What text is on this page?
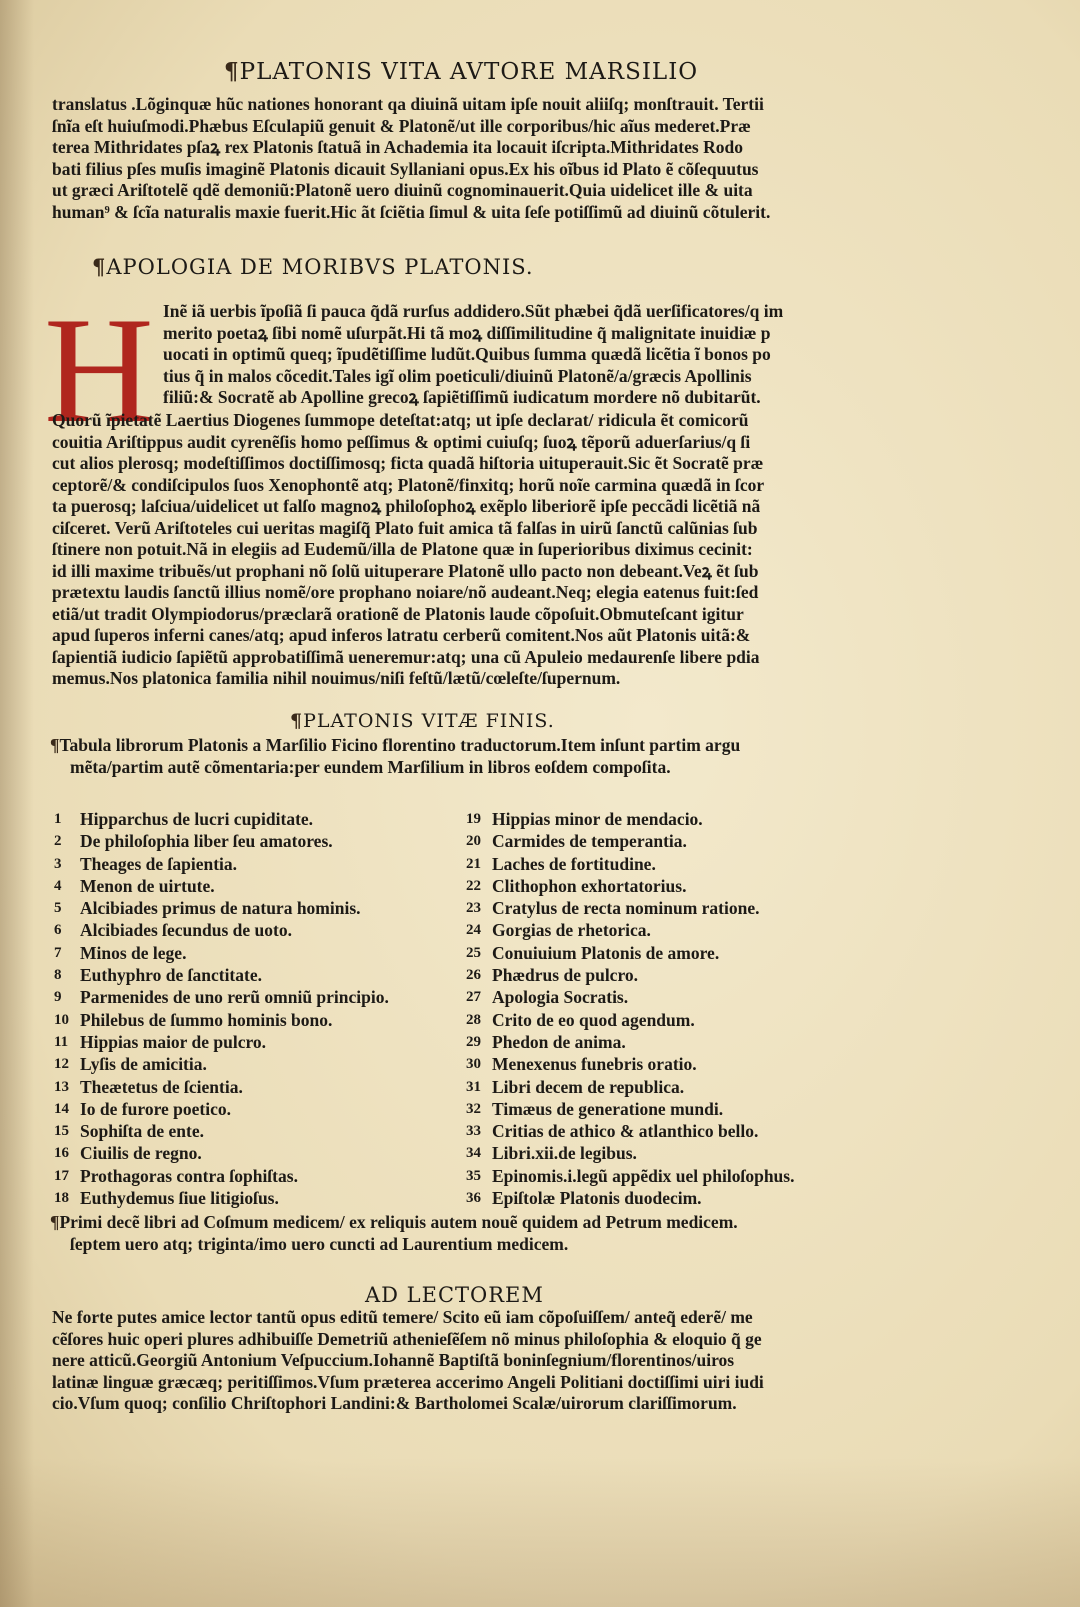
¶PLATONIS VITA AVTORE MARSILIO
translatus .Lõginquæ hũc nationes honorant qa diuinã uitam ipſe nouit aliiſq; monſtrauit. Tertii
ſnĩa eſt huiuſmodi.Phæbus Eſculapiũ genuit & Platonẽ/ut ille corporibus/hic aĩus mederet.Præ
terea Mithridates pſaꝝ rex Platonis ſtatuã in Achademia ita locauit iſcripta.Mithridates Rodo
bati filius pſes muſis imaginẽ Platonis dicauit Syllaniani opus.Ex his oĩbus id Plato ẽ cõſequutus
ut græci Ariſtotelẽ qdẽ demoniũ:Platonẽ uero diuinũ cognominauerit.Quia uidelicet ille & uita
human⁹ & ſcĩa naturalis maxie fuerit.Hic ãt ſciẽtia ſimul & uita ſeſe potiſſimũ ad diuinũ cõtulerit.
¶APOLOGIA DE MORIBVS PLATONIS.
H Inẽ iã uerbis ĩpoſiã ſi pauca q̃dã rurſus addidero.Sũt phæbei q̃dã uerſificatores/q im
merito poetaꝝ ſibi nomẽ uſurpãt.Hi tã moꝝ diſſimilitudine q̃ malignitate inuidiæ p
uocati in optimũ queq; ĩpudẽtiſſime ludũt.Quibus ſumma quædã licẽtia ĩ bonos po
tius q̃ in malos cõcedit.Tales igĩ olim poeticuli/diuinũ Platonẽ/a/græcis Apollinis
filiũ:& Socratẽ ab Apolline grecoꝝ ſapiẽtiſſimũ iudicatum mordere nõ dubitarũt.
Quorũ ĩpietatẽ Laertius Diogenes ſummope deteſtat:atq; ut ipſe declarat/ ridicula ẽt comicorũ
couitia Ariſtippus audit cyrenẽſis homo peſſimus & optimi cuiuſq; ſuoꝝ tẽporũ aduerſarius/q ſi
cut alios plerosq; modeſtiſſimos doctiſſimosq; ficta quadã hiſtoria uituperauit.Sic ẽt Socratẽ præ
ceptorẽ/& condiſcipulos ſuos Xenophontẽ atq; Platonẽ/finxitq; horũ noĩe carmina quædã in ſcor
ta puerosq; laſciua/uidelicet ut falſo magnoꝝ philoſophoꝝ exẽplo liberiorẽ ipſe peccãdi licẽtiã nã
ciſceret. Verũ Ariſtoteles cui ueritas magiſq̃ Plato fuit amica tã falſas in uirũ ſanctũ calũnias ſub
ſtinere non potuit.Nã in elegiis ad Eudemũ/illa de Platone quæ in ſuperioribus diximus cecinit:
id illi maxime tribuẽs/ut prophani nõ ſolũ uituperare Platonẽ ullo pacto non debeant.Veꝝ ẽt ſub
prætextu laudis ſanctũ illius nomẽ/ore prophano noiare/nõ audeant.Neq; elegia eatenus fuit:ſed
etiã/ut tradit Olympiodorus/præclarã orationẽ de Platonis laude cõpoſuit.Obmuteſcant igitur
apud ſuperos inferni canes/atq; apud inferos latratu cerberũ comitent.Nos aũt Platonis uitã:&
ſapientiã iudicio ſapiẽtũ approbatiſſimã ueneremur:atq; una cũ Apuleio medaurenſe libere pdia
memus.Nos platonica familia nihil nouimus/niſi feſtũ/lætũ/cœleſte/ſupernum.
¶PLATONIS VITÆ FINIS.
¶Tabula librorum Platonis a Marſilio Ficino florentino traductorum.Item inſunt partim argu
mẽta/partim autẽ cõmentaria:per eundem Marſilium in libros eoſdem compoſita.
1	Hipparchus de lucri cupiditate.
2	De philoſophia liber ſeu amatores.
3	Theages de ſapientia.
4	Menon de uirtute.
5	Alcibiades primus de natura hominis.
6	Alcibiades ſecundus de uoto.
7	Minos de lege.
8	Euthyphro de ſanctitate.
9	Parmenides de uno rerũ omniũ principio.
10 Philebus de ſummo hominis bono.
11 Hippias maior de pulcro.
12 Lyſis de amicitia.
13 Theætetus de ſcientia.
14 Io de furore poetico.
15 Sophiſta de ente.
16 Ciuilis de regno.
17 Prothagoras contra ſophiſtas.
18 Euthydemus ſiue litigioſus.
19 Hippias minor de mendacio.
20 Carmides de temperantia.
21 Laches de fortitudine.
22 Clithophon exhortatorius.
23 Cratylus de recta nominum ratione.
24 Gorgias de rhetorica.
25 Conuiuium Platonis de amore.
26 Phædrus de pulcro.
27 Apologia Socratis.
28 Crito de eo quod agendum.
29 Phedon de anima.
30 Menexenus funebris oratio.
31 Libri decem de republica.
32 Timæus de generatione mundi.
33 Critias de athico & atlanthico bello.
34 Libri.xii.de legibus.
35 Epinomis.i.legũ appẽdix uel philoſophus.
36 Epiſtolæ Platonis duodecim.
¶Primi decẽ libri ad Coſmum medicem/ ex reliquis autem nouẽ quidem ad Petrum medicem.
ſeptem uero atq; triginta/imo uero cuncti ad Laurentium medicem.
AD LECTOREM
Ne forte putes amice lector tantũ opus editũ temere/ Scito eũ iam cõpoſuiſſem/ anteq̃ ederẽ/ me
cẽſores huic operi plures adhibuiſſe Demetriũ athenieſẽſem nõ minus philoſophia & eloquio q̃ ge
nere atticũ.Georgiũ Antonium Veſpuccium.Iohannẽ Baptiſtã boninſegnium/florentinos/uiros
latinæ linguæ græcæq; peritiſſimos.Vſum præterea accerimo Angeli Politiani doctiſſimi uiri iudi
cio.Vſum quoq; conſilio Chriſtophori Landini:& Bartholomei Scalæ/uirorum clariſſimorum.
